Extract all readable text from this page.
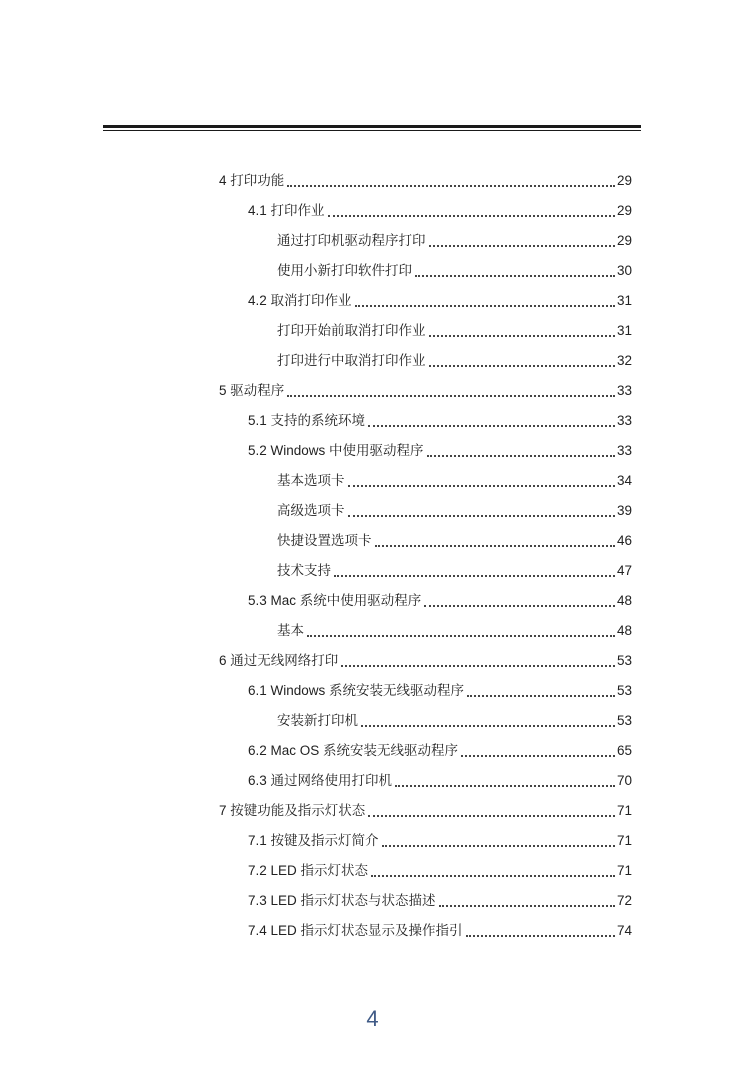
4 打印功能	29
4.1 打印作业	29
通过打印机驱动程序打印	29
使用小新打印软件打印	30
4.2 取消打印作业	31
打印开始前取消打印作业	31
打印进行中取消打印作业	32
5 驱动程序	33
5.1 支持的系统环境	33
5.2 Windows 中使用驱动程序	33
基本选项卡	34
高级选项卡	39
快捷设置选项卡	46
技术支持	47
5.3 Mac 系统中使用驱动程序	48
基本	48
6 通过无线网络打印	53
6.1 Windows 系统安装无线驱动程序	53
安装新打印机	53
6.2 Mac OS 系统安装无线驱动程序	65
6.3 通过网络使用打印机	70
7 按键功能及指示灯状态	71
7.1 按键及指示灯简介	71
7.2 LED 指示灯状态	71
7.3 LED 指示灯状态与状态描述	72
7.4 LED 指示灯状态显示及操作指引	74
4
